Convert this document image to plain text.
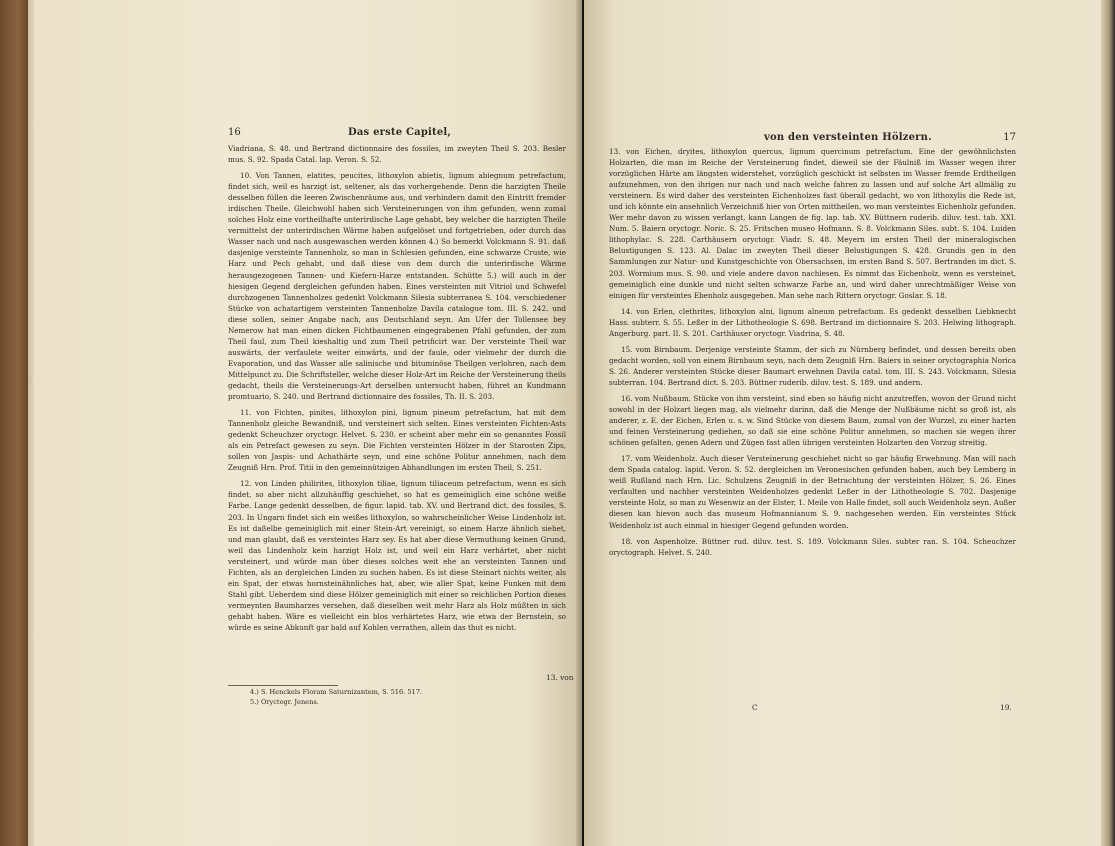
16	Das erste Capitel,

Viadriana, S. 48. und Bertrand dictionnaire des fossiles, im zweyten Theil S. 203. Besler mus. S. 92. Spada Catal. lap. Veron. S. 52.

10. Von Tannen, elatites, peucites, lithoxylon abietis, lignum abiegnum petrefactum, findet sich, weil es harzigt ist, seltener, als das vorhergehende. Denn die harzigten Theile desselben füllen die leeren Zwischenräume aus, und verhindern damit den Eintritt fremder irdischen Theile. Gleichwohl haben sich Versteinerungen von ihm gefunden, wenn zumal solches Holz eine vortheilhafte unterirdische Lage gehabt, bey welcher die harzigten Theile vermittelst der unterirdischen Wärme haben aufgelöset und fortgetrieben, oder durch das Wasser nach und nach ausgewaschen werden können 4.) So bemerkt Volckmann S. 91. daß dasjenige versteinte Tannenholz, so man in Schlesien gefunden, eine schwarze Cruste, wie Harz und Pech gehabt, und daß diese von dem durch die unterirdische Wärme herausgezogenen Tannen- und Kiefern-Harze entstanden. Schütte 5.) will auch in der hiesigen Gegend dergleichen gefunden haben. Eines versteinten mit Vitriol und Schwefel durchzogenen Tannenholzes gedenkt Volckmann Silesia subterranea S. 104. verschiedener Stücke von achatartigem versteinten Tannenholze Davila catalogue tom. III. S. 242. und diese sollen, seiner Angabe nach, aus Deutschland seyn. Am Ufer der Tollensee bey Nemerow hat man einen dicken Fichtbaumenen eingegrabenen Pfahl gefunden, der zum Theil faul, zum Theil kieshaltig und zum Theil petrificirt war. Der versteinte Theil war auswärts, der verfaulete weiter einwärts, und der faule, oder vielmehr der durch die Evaporation, und das Wasser alle salinische und bituminöse Theilgen verlohren, nach dem Mittelpunct zu. Die Schriftsteller, welche dieser Holz-Art im Reiche der Versteinerung theils gedacht, theils die Versteinerungs-Art derselben untersucht haben, führet an Kundmann promtuario, S. 240. und Bertrand dictionnaire des fossiles, Th. II. S. 203.

11. von Fichten, pinites, lithoxylon pini, lignum pineum petrefactum, hat mit dem Tannenholz gleiche Bewandniß, und versteinert sich selten. Eines versteinten Fichten-Asts gedenkt Scheuchzer oryctogr. Helvet. S. 230. er scheint aber mehr ein so genanntes Fossil als ein Petrefact gewesen zu seyn. Die Fichten versteinten Hölzer in der Starosten Zips, sollen von Jaspis- und Achathärte seyn, und eine schöne Politur annehmen, nach dem Zeugniß Hrn. Prof. Titii in den gemeinnützigen Abhandlungen im ersten Theil, S. 251.

12. von Linden philirites, lithoxylon tiliae, lignum tiliaceum petrefactum, wenn es sich findet, so aber nicht allzuhäuffig geschiehet, so hat es gemeiniglich eine schöne weiße Farbe. Lange gedenkt desselben, de figur. lapid. tab. XV. und Bertrand dict. des fossiles, S. 203. In Ungarn findet sich ein weißes lithoxylon, so wahrscheinlicher Weise Lindenholz ist. Es ist daßelbe gemeiniglich mit einer Stein-Art vereinigt, so einem Harze ähnlich siehet, und man glaubt, daß es versteintes Harz sey. Es hat aber diese Vermuthung keinen Grund, weil das Lindenholz kein harzigt Holz ist, und weil ein Harz verhärtet, aber nicht versteinert, und würde man über dieses solches weit ehe an versteinten Tannen und Fichten, als an dergleichen Linden zu suchen haben. Es ist diese Steinart nichts weiter, als ein Spat, der etwas hornsteinähnliches hat, aber, wie aller Spat, keine Funken mit dem Stahl gibt. Ueberdem sind diese Hölzer gemeiniglich mit einer so reichlichen Portion dieses vermeynten Baumharzes versehen, daß dieselben weit mehr Harz als Holz müßten in sich gehabt haben. Wäre es vielleicht ein blos verhärtetes Harz, wie etwa der Bernstein, so würde es seine Abkunft gar bald auf Kohlen verrathen, allein das thut es nicht.

13. von
4.) S. Henckels Floram Saturnizantem, S. 516. 517.
5.) Oryctogr. Jenens.
von den versteinten Hölzern.	17

13. von Eichen, dryites, lithoxylon quercus, lignum quercinum petrefactum. Eine der gewöhnlichsten Holzarten, die man im Reiche der Versteinerung findet, dieweil sie der Fäulniß im Wasser wegen ihrer vorzüglichen Härte am längsten widerstehet, vorzüglich geschickt ist selbsten im Wasser fremde Erdtheilgen aufzunehmen, von den ihrigen nur nach und nach welche fahren zu lassen und auf solche Art allmälig zu versteinern. Es wird daher des versteinten Eichenholzes fast überall gedacht, wo von lithoxylis die Rede ist, und ich könnte ein ansehnlich Verzeichniß hier von Orten mittheilen, wo man versteintes Eichenholz gefunden. Wer mehr davon zu wissen verlangt, kann Langen de fig. lap. tab. XV. Büttnern ruderib. diluv. test. tab. XXI. Num. 5. Baiern oryctogr. Noric. S. 25. Fritschen museo Hofmann. S. 8. Volckmann Siles. subt. S. 104. Luiden lithophylac. S. 228. Carthäusern oryctogr. Viadr. S. 48. Meyern im ersten Theil der mineralogischen Belustigungen S. 123. Al. Dalac im zweyten Theil dieser Belustigungen S. 428. Grundis gen in den Sammlungen zur Natur- und Kunstgeschichte von Obersachsen, im ersten Band S. 507. Bertranden im dict. S. 203. Wormium mus. S. 90. und viele andere davon nachlesen. Es nimmt das Eichenholz, wenn es versteinet, gemeiniglich eine dunkle und nicht selten schwarze Farbe an, und wird daher unrechtmäßiger Weise von einigen für versteintes Ebenholz ausgegeben. Man sehe nach Rittern oryctogr. Goslar. S. 18.

14. von Erlen, clethrites, lithoxylon alni, lignum alneum petrefactum. Es gedenkt desselben Liebknecht Hass. subterr. S. 55. Leßer in der Lithotheologie S. 698. Bertrand im dictionnaire S. 203. Helwing lithograph. Angerburg. part. II. S. 201. Carthäuser oryctogr. Viadrina, S. 48.

15. vom Birnbaum. Derjenige versteinte Stamm, der sich zu Nürnberg befindet, und dessen bereits oben gedacht worden, soll von einem Birnbaum seyn, nach dem Zeugniß Hrn. Baiers in seiner oryctographia Norica S. 26. Anderer versteinten Stücke dieser Baumart erwehnen Davila catal. tom. III. S. 243. Volckmann, Silesia subterran. 104. Bertrand dict. S. 203. Büttner ruderib. diluv. test. S. 189. und andern.

16. vom Nußbaum. Stücke von ihm versteint, sind eben so häufig nicht anzutreffen, wovon der Grund nicht sowohl in der Holzart liegen mag, als vielmehr darinn, daß die Menge der Nußbäume nicht so groß ist, als anderer, z. E. der Eichen, Erlen u. s. w. Sind Stücke von diesem Baum, zumal von der Wurzel, zu einer harten und feinen Versteinerung gediehen, so daß sie eine schöne Politur annehmen, so machen sie wegen ihrer schönen gefalten, genen Adern und Zügen fast allen übrigen versteinten Holzarten den Vorzug streitig.

17. vom Weidenholz. Auch dieser Versteinerung geschiehet nicht so gar häufig Erwehnung. Man will nach dem Spada catalog. lapid. Veron. S. 52. dergleichen im Veronesischen gefunden haben, auch bey Lemberg in weiß Rußland nach Hrn. Lic. Schulzens Zeugniß in der Betrachtung der versteinten Hölzer, S. 26. Eines verfaulten und nachher versteinten Weidenholzes gedenkt Leßer in der Lithotheologie S. 702. Dasjenige versteinte Holz, so man zu Wesenwiz an der Elster, 1. Meile von Halle findet, soll auch Weidenholz seyn. Außer diesen kan hievon auch das museum Hofmannianum S. 9. nachgesehen werden. Ein versteintes Stück Weidenholz ist auch einmal in hiesiger Gegend gefunden worden.

18. von Aspenholze. Büttner rud. diluv. test. S. 189. Volckmann Siles. subter ran. S. 104. Scheuchzer oryctograph. Helvet. S. 240.

C	19.
